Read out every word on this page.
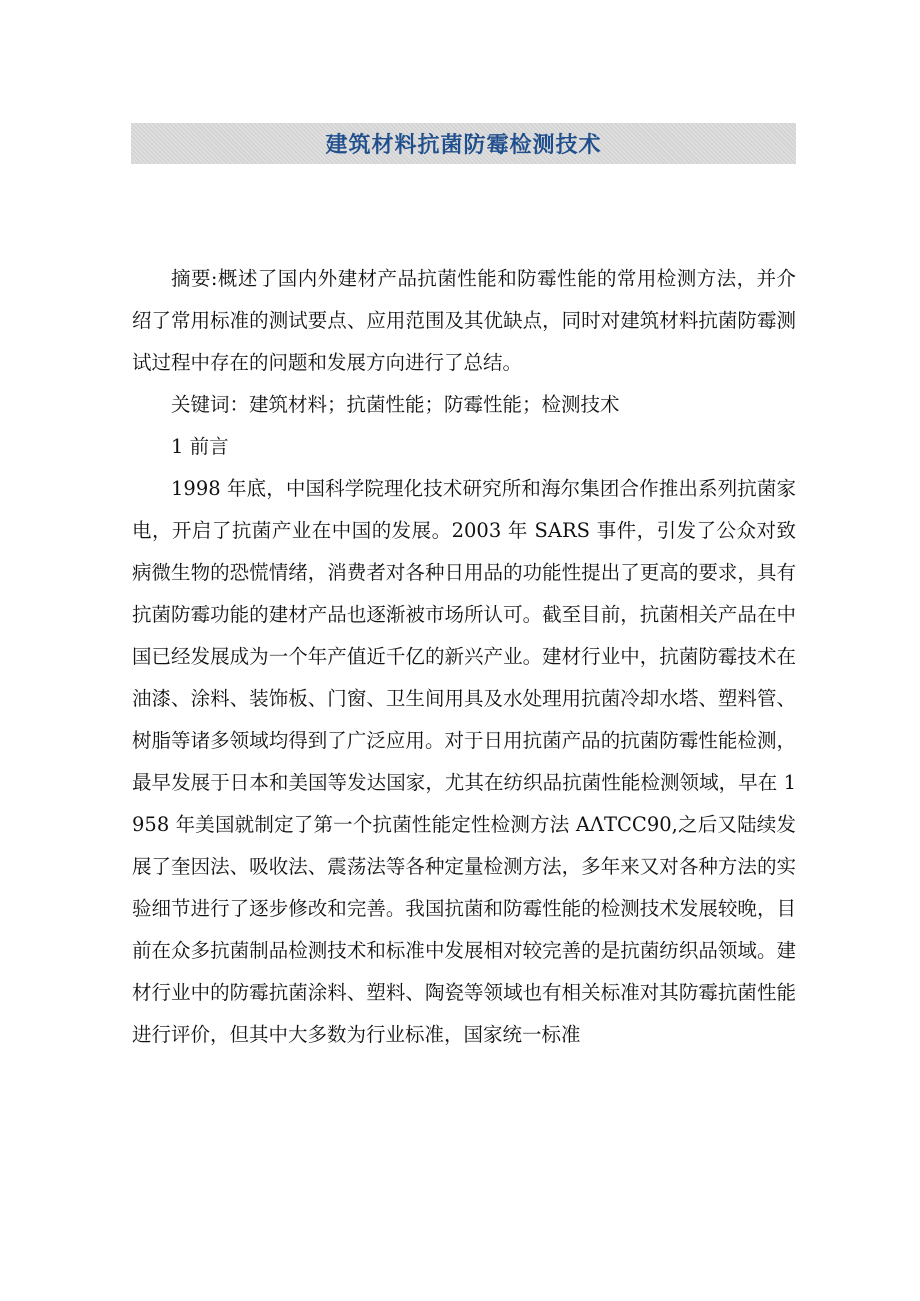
建筑材料抗菌防霉检测技术

摘要:概述了国内外建材产品抗菌性能和防霉性能的常用检测方法，并介绍了常用标准的测试要点、应用范围及其优缺点，同时对建筑材料抗菌防霉测试过程中存在的问题和发展方向进行了总结。

关键词：建筑材料；抗菌性能；防霉性能；检测技术

1 前言

1998 年底，中国科学院理化技术研究所和海尔集团合作推出系列抗菌家电，开启了抗菌产业在中国的发展。2003 年 SARS 事件，引发了公众对致病微生物的恐慌情绪，消费者对各种日用品的功能性提出了更高的要求，具有抗菌防霉功能的建材产品也逐渐被市场所认可。截至目前，抗菌相关产品在中国已经发展成为一个年产值近千亿的新兴产业。建材行业中，抗菌防霉技术在油漆、涂料、装饰板、门窗、卫生间用具及水处理用抗菌冷却水塔、塑料管、树脂等诸多领域均得到了广泛应用。对于日用抗菌产品的抗菌防霉性能检测，最早发展于日本和美国等发达国家，尤其在纺织品抗菌性能检测领域，早在 1958 年美国就制定了第一个抗菌性能定性检测方法 AΛTCC90,之后又陆续发展了奎因法、吸收法、震荡法等各种定量检测方法，多年来又对各种方法的实验细节进行了逐步修改和完善。我国抗菌和防霉性能的检测技术发展较晚，目前在众多抗菌制品检测技术和标准中发展相对较完善的是抗菌纺织品领域。建材行业中的防霉抗菌涂料、塑料、陶瓷等领域也有相关标准对其防霉抗菌性能进行评价，但其中大多数为行业标准，国家统一标准
